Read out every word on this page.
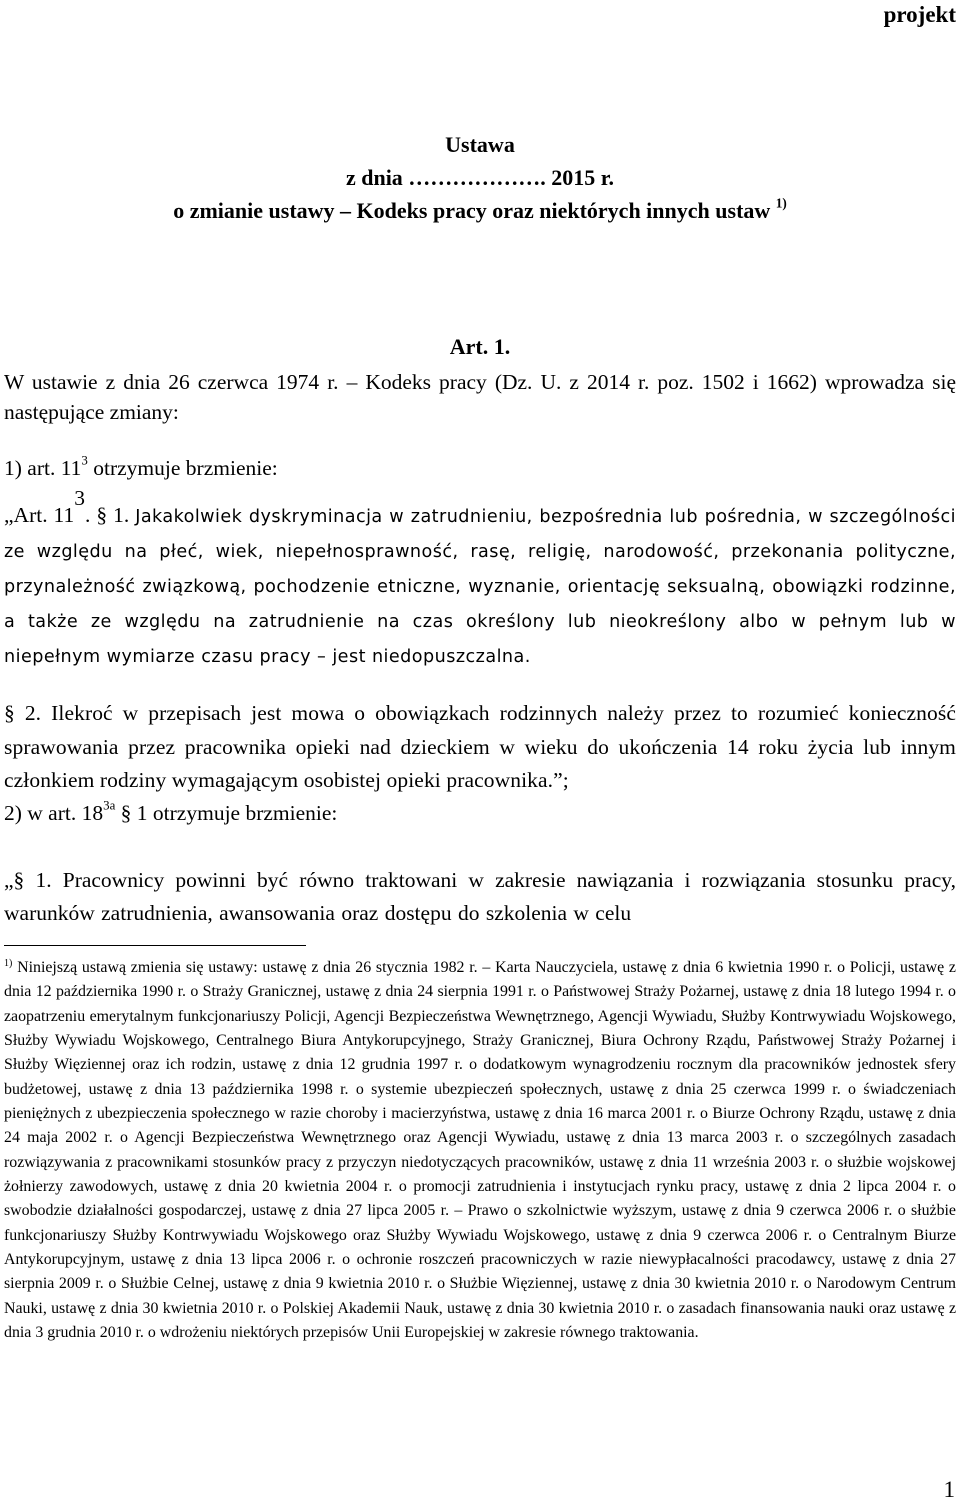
projekt
Ustawa
z dnia ………………. 2015 r.
o zmianie ustawy – Kodeks pracy oraz niektórych innych ustaw $^{1)}$
Art. 1.
W ustawie z dnia 26 czerwca 1974 r. – Kodeks pracy (Dz. U. z 2014 r. poz. 1502 i 1662) wprowadza się następujące zmiany:
1) art. $11^3$ otrzymuje brzmienie:
„Art. $11^3$. § 1. Jakakolwiek dyskryminacja w zatrudnieniu, bezpośrednia lub pośrednia, w szczególności ze względu na płeć, wiek, niepełnosprawność, rasę, religię, narodowość, przekonania polityczne, przynależność związkową, pochodzenie etniczne, wyznanie, orientację seksualną, obowiązki rodzinne, a także ze względu na zatrudnienie na czas określony lub nieokreślony albo w pełnym lub w niepełnym wymiarze czasu pracy – jest niedopuszczalna.
§ 2. Ilekroć w przepisach jest mowa o obowiązkach rodzinnych należy przez to rozumieć konieczność sprawowania przez pracownika opieki nad dzieckiem w wieku do ukończenia 14 roku życia lub innym członkiem rodziny wymagającym osobistej opieki pracownika.”;
2) w art. $18^{3a}$ § 1 otrzymuje brzmienie:
„§ 1. Pracownicy powinni być równo traktowani w zakresie nawiązania i rozwiązania stosunku pracy, warunków zatrudnienia, awansowania oraz dostępu do szkolenia w celu
$^{1)}$ Niniejszą ustawą zmienia się ustawy: ustawę z dnia 26 stycznia 1982 r. – Karta Nauczyciela, ustawę z dnia 6 kwietnia 1990 r. o Policji, ustawę z dnia 12 października 1990 r. o Straży Granicznej, ustawę z dnia 24 sierpnia 1991 r. o Państwowej Straży Pożarnej, ustawę z dnia 18 lutego 1994 r. o zaopatrzeniu emerytalnym funkcjonariuszy Policji, Agencji Bezpieczeństwa Wewnętrznego, Agencji Wywiadu, Służby Kontrwywiadu Wojskowego, Służby Wywiadu Wojskowego, Centralnego Biura Antykorupcyjnego, Straży Granicznej, Biura Ochrony Rządu, Państwowej Straży Pożarnej i Służby Więziennej oraz ich rodzin, ustawę z dnia 12 grudnia 1997 r. o dodatkowym wynagrodzeniu rocznym dla pracowników jednostek sfery budżetowej, ustawę z dnia 13 października 1998 r. o systemie ubezpieczeń społecznych, ustawę z dnia 25 czerwca 1999 r. o świadczeniach pieniężnych z ubezpieczenia społecznego w razie choroby i macierzyństwa, ustawę z dnia 16 marca 2001 r. o Biurze Ochrony Rządu, ustawę z dnia 24 maja 2002 r. o Agencji Bezpieczeństwa Wewnętrznego oraz Agencji Wywiadu, ustawę z dnia 13 marca 2003 r. o szczególnych zasadach rozwiązywania z pracownikami stosunków pracy z przyczyn niedotyczących pracowników, ustawę z dnia 11 września 2003 r. o służbie wojskowej żołnierzy zawodowych, ustawę z dnia 20 kwietnia 2004 r. o promocji zatrudnienia i instytucjach rynku pracy, ustawę z dnia 2 lipca 2004 r. o swobodzie działalności gospodarczej, ustawę z dnia 27 lipca 2005 r. – Prawo o szkolnictwie wyższym, ustawę z dnia 9 czerwca 2006 r. o służbie funkcjonariuszy Służby Kontrwywiadu Wojskowego oraz Służby Wywiadu Wojskowego, ustawę z dnia 9 czerwca 2006 r. o Centralnym Biurze Antykorupcyjnym, ustawę z dnia 13 lipca 2006 r. o ochronie roszczeń pracowniczych w razie niewypłacalności pracodawcy, ustawę z dnia 27 sierpnia 2009 r. o Służbie Celnej, ustawę z dnia 9 kwietnia 2010 r. o Służbie Więziennej, ustawę z dnia 30 kwietnia 2010 r. o Narodowym Centrum Nauki, ustawę z dnia 30 kwietnia 2010 r. o Polskiej Akademii Nauk, ustawę z dnia 30 kwietnia 2010 r. o zasadach finansowania nauki oraz ustawę z dnia 3 grudnia 2010 r. o wdrożeniu niektórych przepisów Unii Europejskiej w zakresie równego traktowania.
1
